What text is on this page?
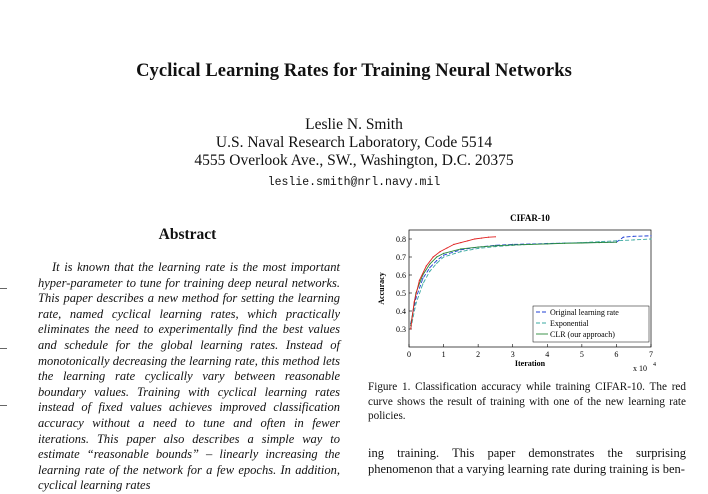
Cyclical Learning Rates for Training Neural Networks
Leslie N. Smith
U.S. Naval Research Laboratory, Code 5514
4555 Overlook Ave., SW., Washington, D.C. 20375
leslie.smith@nrl.navy.mil
Abstract
It is known that the learning rate is the most important hyper-parameter to tune for training deep neural networks. This paper describes a new method for setting the learning rate, named cyclical learning rates, which practically eliminates the need to experimentally find the best values and schedule for the global learning rates. Instead of monotonically decreasing the learning rate, this method lets the learning rate cyclically vary between reasonable boundary values. Training with cyclical learning rates instead of fixed values achieves improved classification accuracy without a need to tune and often in fewer iterations. This paper also describes a simple way to estimate “reasonable bounds” – linearly increasing the learning rate of the network for a few epochs. In addition, cyclical learning rates
CIFAR-10
0.3
0.4
0.5
0.6
0.7
0.8
0	1	2	3	4	5	6	7
Iteration
Accuracy
x 10 4
Original learning rate
Exponential
CLR (our approach)
Figure 1. Classification accuracy while training CIFAR-10. The red curve shows the result of training with one of the new learning rate policies.
ing training. This paper demonstrates the surprising phenomenon that a varying learning rate during training is ben-
